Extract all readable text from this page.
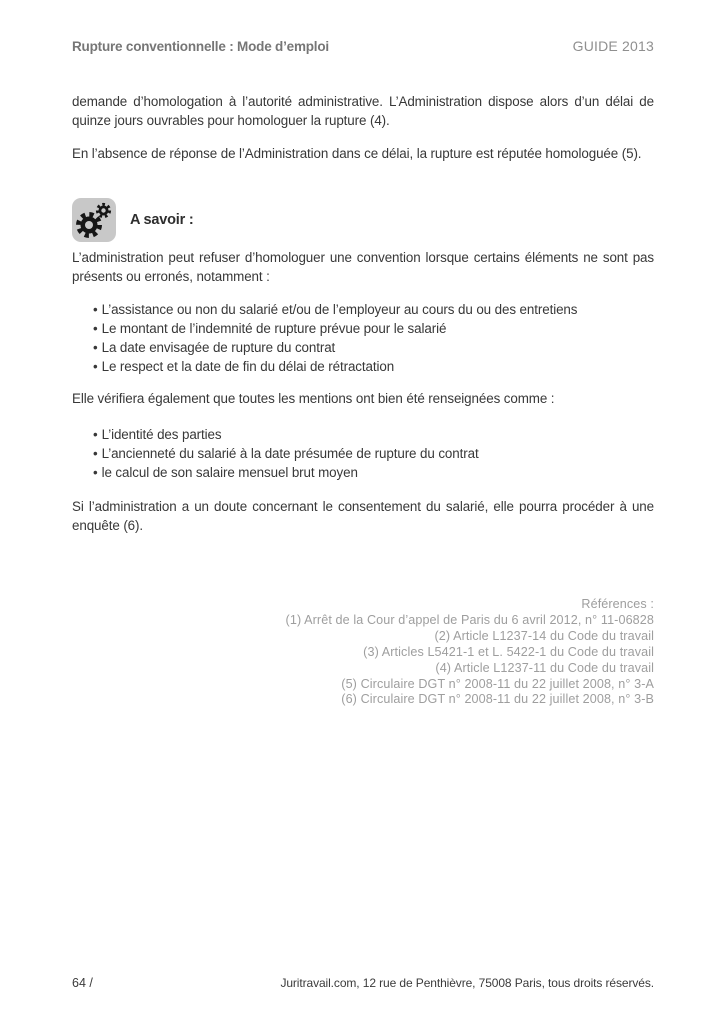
Rupture conventionnelle : Mode d’emploi	GUIDE 2013
demande d’homologation à l’autorité administrative. L’Administration dispose alors d’un délai de quinze jours ouvrables pour homologuer la rupture (4).
En l’absence de réponse de l’Administration dans ce délai, la rupture est réputée homologuée (5).
A savoir :
L’administration peut refuser d’homologuer une convention lorsque certains éléments ne sont pas présents ou erronés, notamment :
• L’assistance ou non du salarié et/ou de l’employeur au cours du ou des entretiens
• Le montant de l’indemnité de rupture prévue pour le salarié
• La date envisagée de rupture du contrat
• Le respect et la date de fin du délai de rétractation
Elle vérifiera également que toutes les mentions ont bien été renseignées comme :
• L’identité des parties
• L’ancienneté du salarié à la date présumée de rupture du contrat
• le calcul de son salaire mensuel brut moyen
Si l’administration a un doute concernant le consentement du salarié, elle pourra procéder à une enquête (6).
Références :
(1) Arrêt de la Cour d’appel de Paris du 6 avril 2012, n° 11-06828
(2) Article L1237-14 du Code du travail
(3) Articles L5421-1 et L. 5422-1 du Code du travail
(4) Article L1237-11 du Code du travail
(5) Circulaire DGT n° 2008-11 du 22 juillet 2008, n° 3-A
(6) Circulaire DGT n° 2008-11 du 22 juillet 2008, n° 3-B
64 /	Juritravail.com, 12 rue de Penthièvre, 75008 Paris, tous droits réservés.
